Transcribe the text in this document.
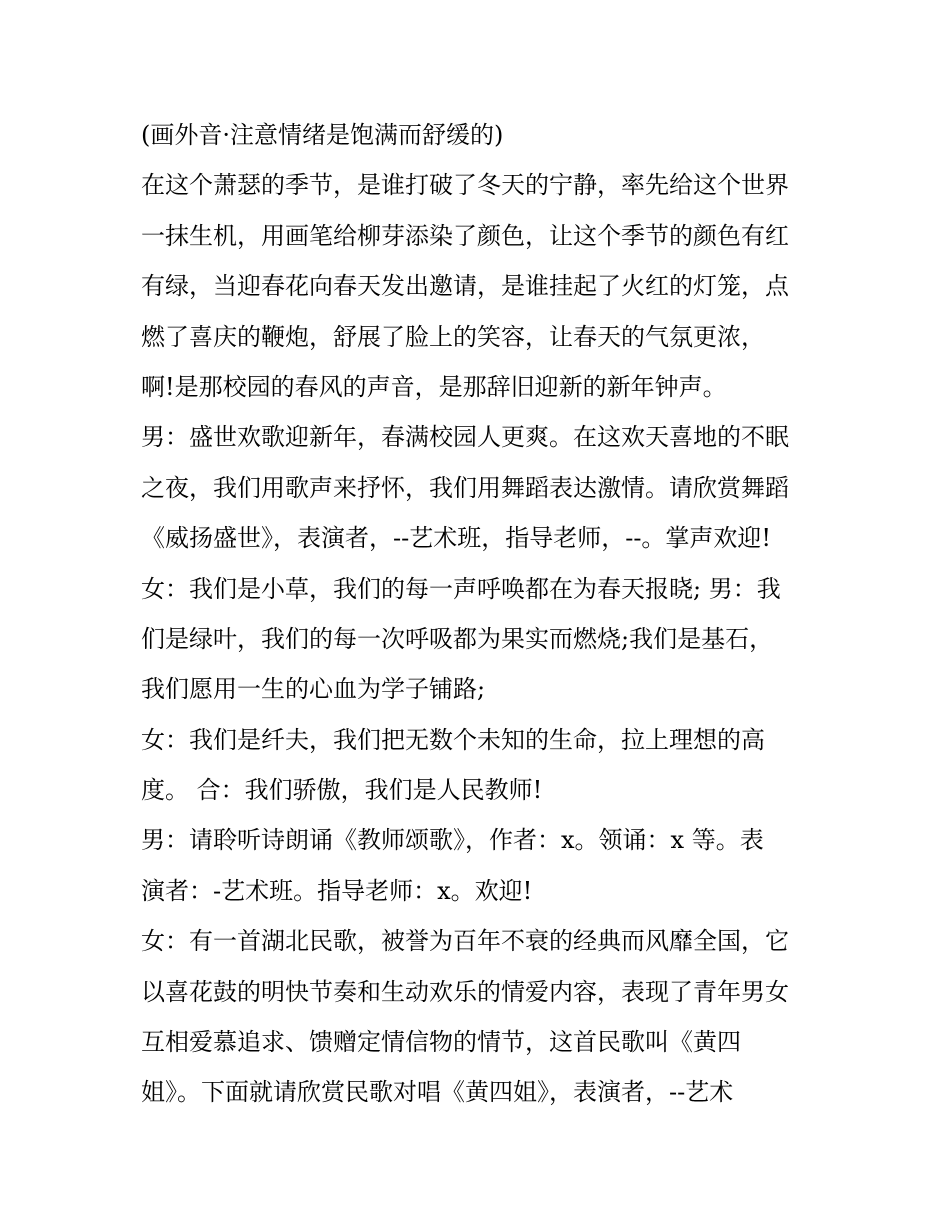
(画外音·注意情绪是饱满而舒缓的)
在这个萧瑟的季节，是谁打破了冬天的宁静，率先给这个世界
一抹生机，用画笔给柳芽添染了颜色，让这个季节的颜色有红
有绿，当迎春花向春天发出邀请，是谁挂起了火红的灯笼，点
燃了喜庆的鞭炮，舒展了脸上的笑容，让春天的气氛更浓，
啊!是那校园的春风的声音，是那辞旧迎新的新年钟声。
男：盛世欢歌迎新年，春满校园人更爽。在这欢天喜地的不眠
之夜，我们用歌声来抒怀，我们用舞蹈表达激情。请欣赏舞蹈
《威扬盛世》，表演者，--艺术班，指导老师，--。掌声欢迎!
女：我们是小草，我们的每一声呼唤都在为春天报晓; 男：我
们是绿叶，我们的每一次呼吸都为果实而燃烧;我们是基石，
我们愿用一生的心血为学子铺路;
女：我们是纤夫，我们把无数个未知的生命，拉上理想的高
度。 合：我们骄傲，我们是人民教师!
男：请聆听诗朗诵《教师颂歌》，作者：x。领诵：x 等。表
演者：-艺术班。指导老师：x。欢迎!
女：有一首湖北民歌，被誉为百年不衰的经典而风靡全国，它
以喜花鼓的明快节奏和生动欢乐的情爱内容，表现了青年男女
互相爱慕追求、馈赠定情信物的情节，这首民歌叫《黄四
姐》。下面就请欣赏民歌对唱《黄四姐》，表演者，--艺术
